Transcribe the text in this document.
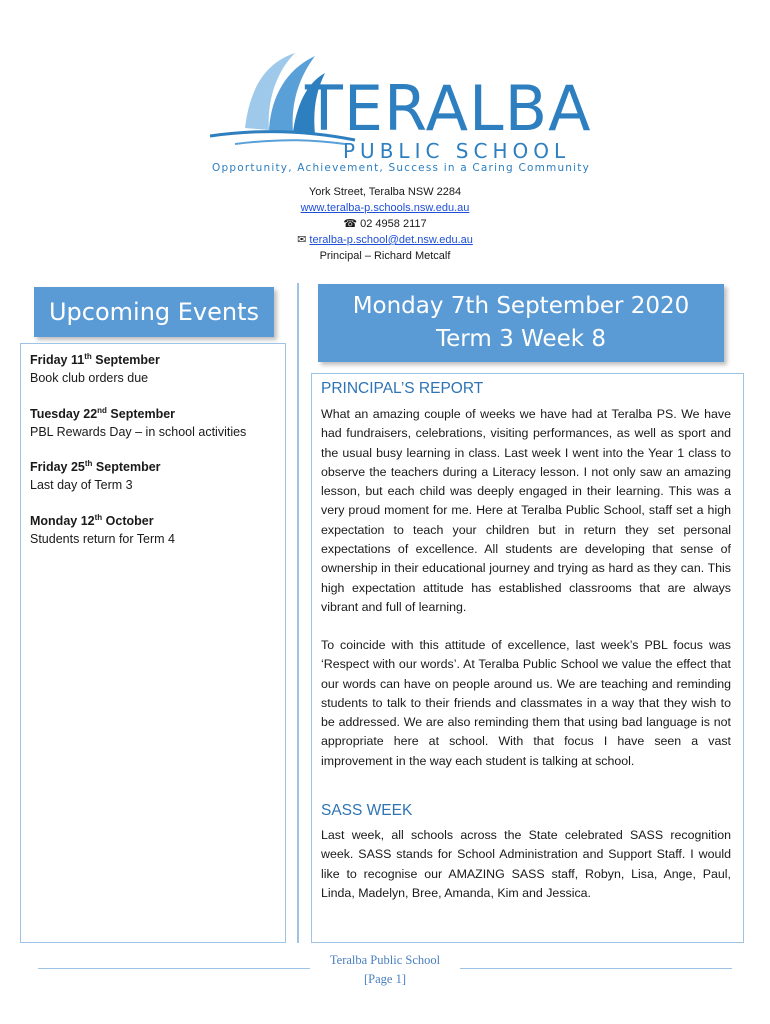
TERALBA
PUBLIC SCHOOL
Opportunity, Achievement, Success in a Caring Community
York Street, Teralba NSW 2284
www.teralba-p.schools.nsw.edu.au
☎ 02 4958 2117
✉ teralba-p.school@det.nsw.edu.au
Principal – Richard Metcalf
Upcoming Events
Friday 11th September
Book club orders due
Tuesday 22nd September
PBL Rewards Day – in school activities
Friday 25th September
Last day of Term 3
Monday 12th October
Students return for Term 4
Monday 7th September 2020
Term 3 Week 8
PRINCIPAL’S REPORT
What an amazing couple of weeks we have had at Teralba PS. We have had fundraisers, celebrations, visiting performances, as well as sport and the usual busy learning in class. Last week I went into the Year 1 class to observe the teachers during a Literacy lesson. I not only saw an amazing lesson, but each child was deeply engaged in their learning. This was a very proud moment for me. Here at Teralba Public School, staff set a high expectation to teach your children but in return they set personal expectations of excellence. All students are developing that sense of ownership in their educational journey and trying as hard as they can. This high expectation attitude has established classrooms that are always vibrant and full of learning.
To coincide with this attitude of excellence, last week’s PBL focus was ‘Respect with our words’. At Teralba Public School we value the effect that our words can have on people around us. We are teaching and reminding students to talk to their friends and classmates in a way that they wish to be addressed. We are also reminding them that using bad language is not appropriate here at school. With that focus I have seen a vast improvement in the way each student is talking at school.
SASS WEEK
Last week, all schools across the State celebrated SASS recognition week. SASS stands for School Administration and Support Staff. I would like to recognise our AMAZING SASS staff, Robyn, Lisa, Ange, Paul, Linda, Madelyn, Bree, Amanda, Kim and Jessica.
Teralba Public School
[Page 1]
